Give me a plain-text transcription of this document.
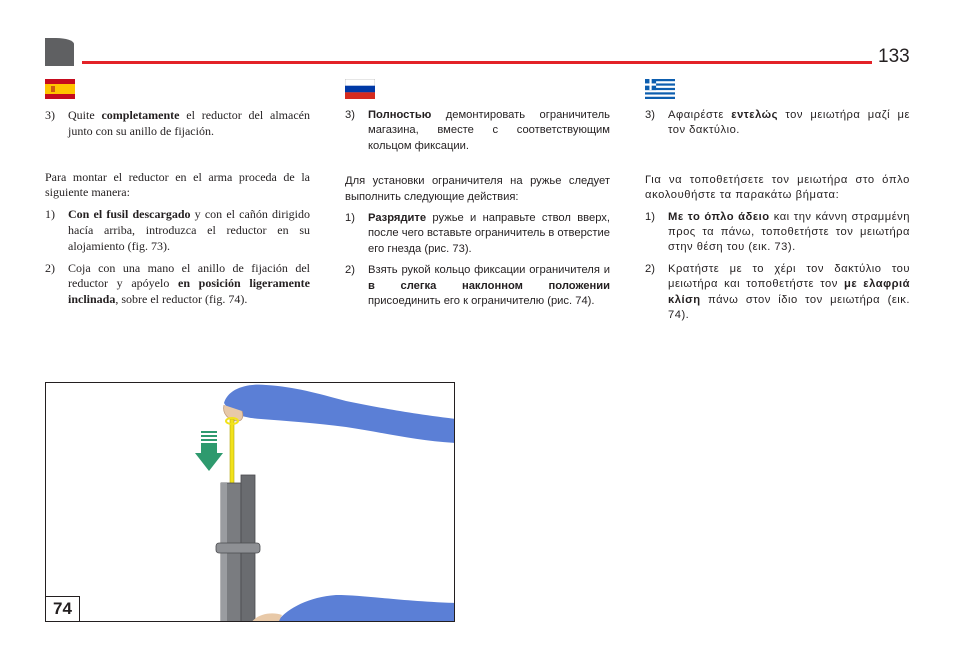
133
3)	Quite completamente el reductor del almacén junto con su anillo de fijación.
Para montar el reductor en el arma proceda de la siguiente manera:
1)	Con el fusil descargado y con el cañón dirigido hacía arriba, introduzca el reductor en su alojamiento (fig. 73).
2)	Coja con una mano el anillo de fijación del reductor y apóyelo en posición ligeramente inclinada, sobre el reductor (fig. 74).
3)	Полностью демонтировать ограничитель магазина, вместе с соответствующим кольцом фиксации.
Для установки ограничителя на ружье следует выполнить следующие действия:
1)	Разрядите ружье и направьте ствол вверх, после чего вставьте ограничитель в отверстие его гнезда (рис. 73).
2)	Взять рукой кольцо фиксации ограничителя и в слегка наклонном положении присоединить его к ограничителю (рис. 74).
3)	Αφαιρέστε εντελώς τον μειωτήρα μαζί με τον δακτύλιο.
Για να τοποθετήσετε τον μειωτήρα στο όπλο ακολουθήστε τα παρακάτω βήματα:
1)	Με το όπλο άδειο και την κάννη στραμμένη προς τα πάνω, τοποθετήστε τον μειωτήρα στην θέση του (εικ. 73).
2)	Κρατήστε με το χέρι τον δακτύλιο του μειωτήρα και τοποθετήστε τον με ελαφριά κλίση πάνω στον ίδιο τον μειωτήρα (εικ. 74).
74
